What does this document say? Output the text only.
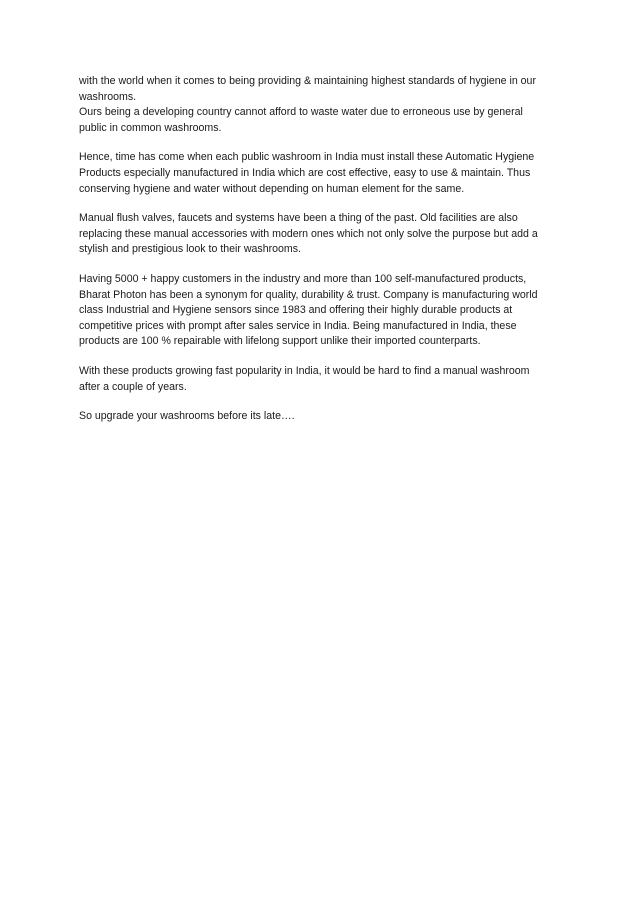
with the world when it comes to being providing & maintaining highest standards of hygiene in our
washrooms.
Ours being a developing country cannot afford to waste water due to erroneous use by general
public in common washrooms.

Hence, time has come when each public washroom in India must install these Automatic Hygiene
Products especially manufactured in India which are cost effective, easy to use & maintain. Thus
conserving hygiene and water without depending on human element for the same.

Manual flush valves, faucets and systems have been a thing of the past. Old facilities are also
replacing these manual accessories with modern ones which not only solve the purpose but add a
stylish and prestigious look to their washrooms.

Having 5000 + happy customers in the industry and more than 100 self-manufactured products,
Bharat Photon has been a synonym for quality, durability & trust. Company is manufacturing world
class Industrial and Hygiene sensors since 1983 and offering their highly durable products at
competitive prices with prompt after sales service in India. Being manufactured in India, these
products are 100 % repairable with lifelong support unlike their imported counterparts.

With these products growing fast popularity in India, it would be hard to find a manual washroom
after a couple of years.

So upgrade your washrooms before its late….
